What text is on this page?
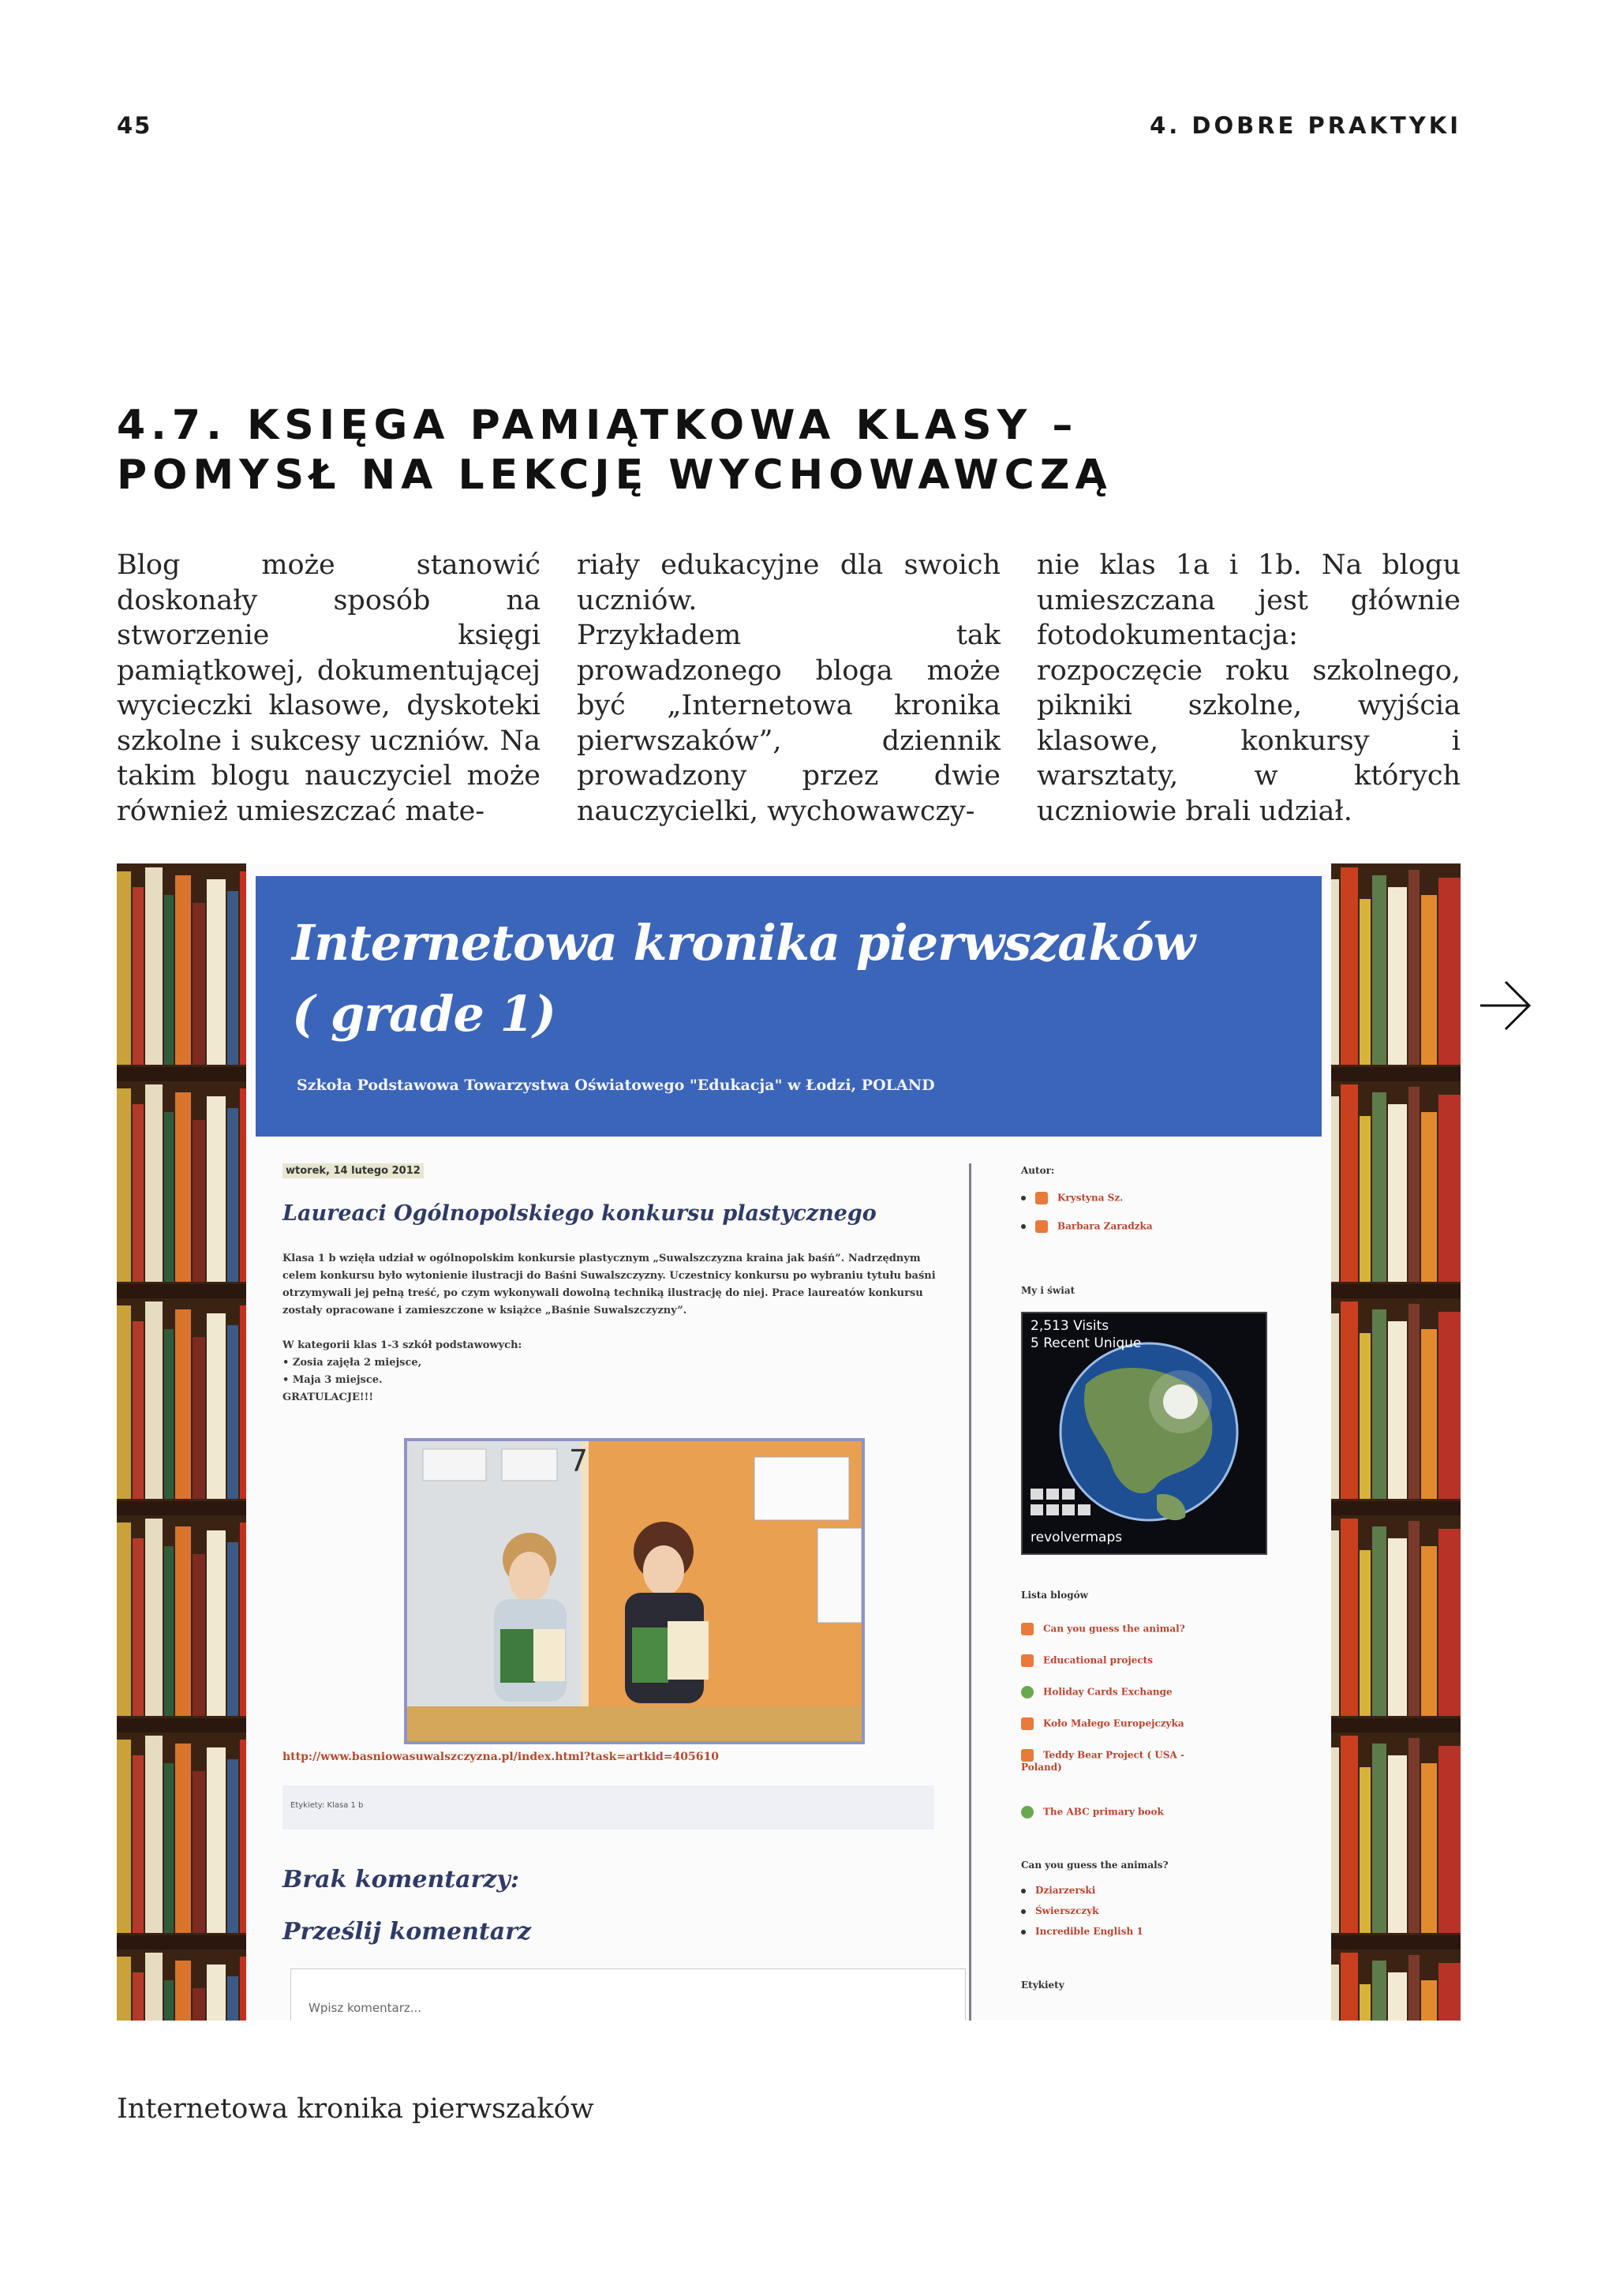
45	4. DOBRE PRAKTYKI
4.7. KSIĘGA PAMIĄTKOWA KLASY –
POMYSŁ NA LEKCJĘ WYCHOWAWCZĄ

Blog może stanowić doskonały sposób na stworzenie księgi pamiątkowej, dokumentującej wycieczki klasowe, dyskoteki szkolne i sukcesy uczniów. Na takim blogu nauczyciel może również umieszczać mate-

riały edukacyjne dla swoich uczniów.
Przykładem tak prowadzonego bloga może być „Internetowa kronika pierwszaków”, dziennik prowadzony przez dwie nauczycielki, wychowawczy-

nie klas 1a i 1b. Na blogu umieszczana jest głównie fotodokumentacja: rozpoczęcie roku szkolnego, pikniki szkolne, wyjścia klasowe, konkursy i warsztaty, w których uczniowie brali udział.

Internetowa kronika pierwszaków ( grade 1)
Szkoła Podstawowa Towarzystwa Oświatowego "Edukacja" w Łodzi, POLAND
wtorek, 14 lutego 2012
Laureaci Ogólnopolskiego konkursu plastycznego

Klasa 1 b wzięła udział w ogólnopolskim konkursie plastycznym „Suwalszczyzna kraina jak baśń”. Nadrzędnym celem konkursu było wytonienie ilustracji do Baśni Suwalszczyzny. Uczestnicy konkursu po wybraniu tytułu baśni otrzymywali jej pełną treść, po czym wykonywali dowolną techniką ilustrację do niej. Prace laureatów konkursu zostały opracowane i zamieszczone w książce „Baśnie Suwalszczyzny”.

W kategorii klas 1-3 szkół podstawowych:

• Zosia zajęła 2 miejsce,

• Maja 3 miejsce.

GRATULACJE!!!

7
http://www.basniowasuwalszczyzna.pl/index.html?task=artkid=405610
Etykiety: Klasa 1 b
Brak komentarzy:
Prześlij komentarz
Wpisz komentarz...
Autor:
Krystyna Sz.
Barbara Zaradzka
My i świat
2,513 Visits
5 Recent Unique
revolvermaps
Lista blogów
Can you guess the animal?
Educational projects
Holiday Cards Exchange
Koło Małego Europejczyka
Teddy Bear Project ( USA - Poland)
The ABC primary book
Can you guess the animals?
Dziarzerski
Świerszczyk
Incredible English 1
Etykiety
Internetowa kronika pierwszaków
